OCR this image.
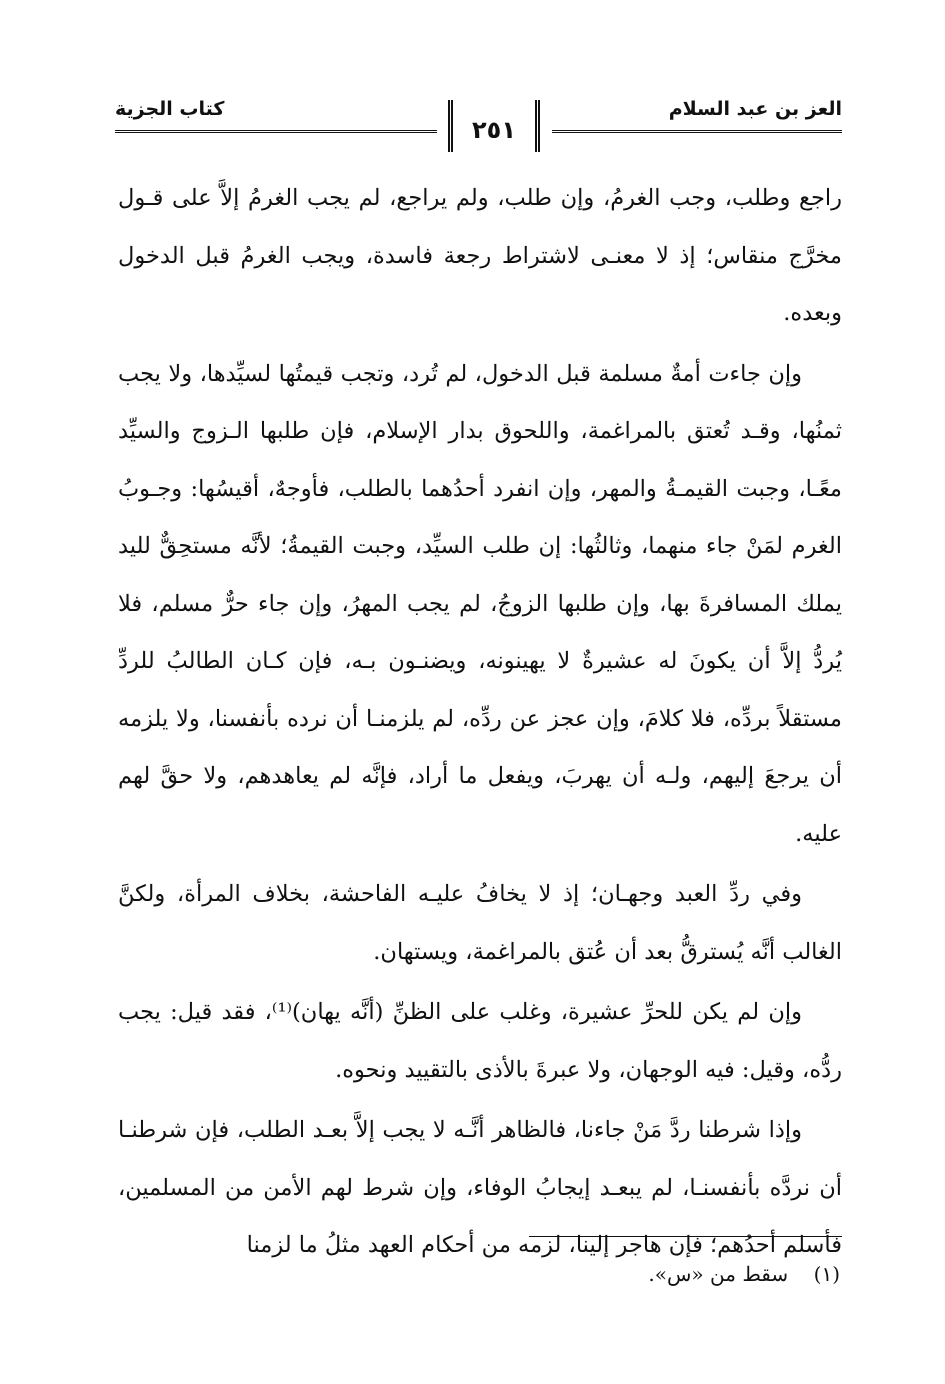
العز بن عبد السلام
كتاب الجزية
٢٥١

راجع وطلب، وجب الغرمُ، وإن طلب، ولم يراجع، لم يجب الغرمُ إلاَّ على قـول مخرَّج منقاس؛ إذ لا معنـى لاشتراط رجعة فاسدة، ويجب الغرمُ قبل الدخول وبعده.

وإن جاءت أمةٌ مسلمة قبل الدخول، لم تُرد، وتجب قيمتُها لسيِّدها، ولا يجب ثمنُها، وقـد تُعتق بالمراغمة، واللحوق بدار الإسلام، فإن طلبها الـزوج والسيِّد معًـا، وجبت القيمـةُ والمهر، وإن انفرد أحدُهما بالطلب، فأوجهٌ، أقيسُها: وجـوبُ الغرم لمَنْ جاء منهما، وثالثُها: إن طلب السيِّد، وجبت القيمةُ؛ لأنَّه مستحِقٌّ لليد يملك المسافرةَ بها، وإن طلبها الزوجُ، لم يجب المهرُ، وإن جاء حرٌّ مسلم، فلا يُردُّ إلاَّ أن يكونَ له عشيرةٌ لا يهينونه، ويضنـون بـه، فإن كـان الطالبُ للردِّ مستقلاً بردِّه، فلا كلامَ، وإن عجز عن ردِّه، لم يلزمنـا أن نرده بأنفسنا، ولا يلزمه أن يرجعَ إليهم، ولـه أن يهربَ، ويفعل ما أراد، فإنَّه لم يعاهدهم، ولا حقَّ لهم عليه.

وفي ردِّ العبد وجهـان؛ إذ لا يخافُ عليـه الفاحشة، بخلاف المرأة، ولكنَّ الغالب أنَّه يُسترقُّ بعد أن عُتق بالمراغمة، ويستهان.

وإن لم يكن للحرِّ عشيرة، وغلب على الظنِّ (أنَّه يهان)⁽¹⁾، فقد قيل: يجب ردُّه، وقيل: فيه الوجهان، ولا عبرةَ بالأذى بالتقييد ونحوه.

وإذا شرطنا ردَّ مَنْ جاءنا، فالظاهر أنَّـه لا يجب إلاَّ بعـد الطلب، فإن شرطنـا أن نردَّه بأنفسنـا، لم يبعـد إيجابُ الوفاء، وإن شرط لهم الأمن من المسلمين، فأسلم أحدُهم؛ فإن هاجر إلينا، لزمه من أحكام العهد مثلُ ما لزمنا

(١)    سقط من «س».
